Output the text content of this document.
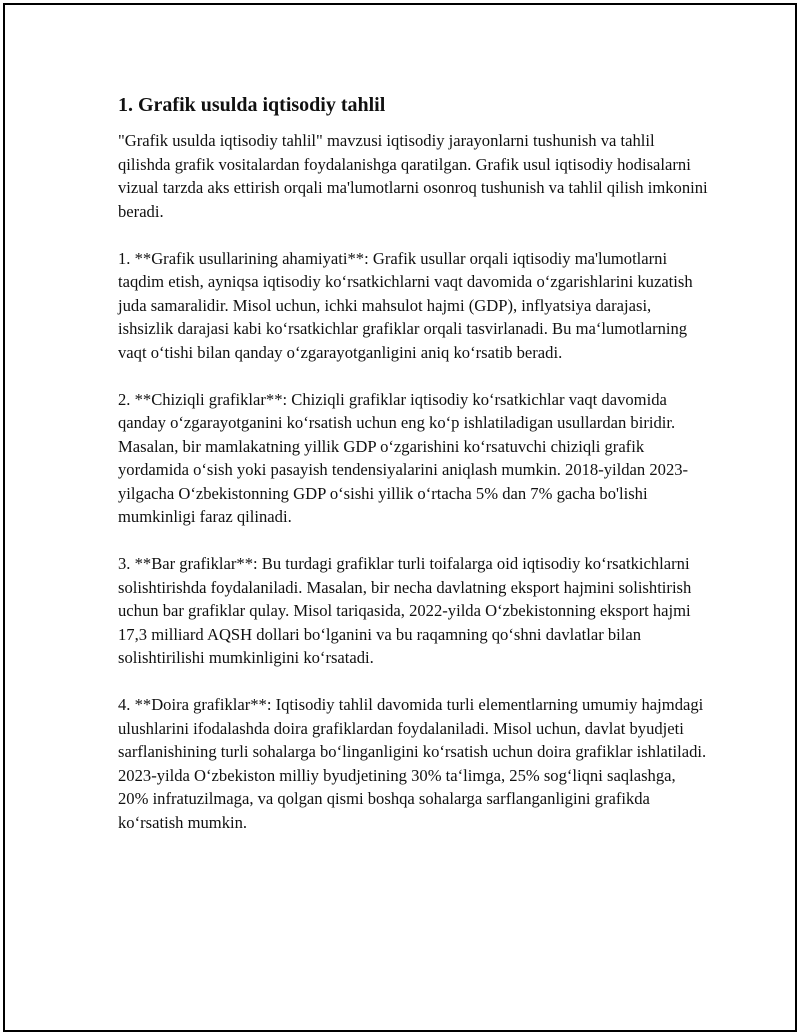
1. Grafik usulda iqtisodiy tahlil

"Grafik usulda iqtisodiy tahlil" mavzusi iqtisodiy jarayonlarni tushunish va tahlil qilishda grafik vositalardan foydalanishga qaratilgan. Grafik usul iqtisodiy hodisalarni vizual tarzda aks ettirish orqali ma'lumotlarni osonroq tushunish va tahlil qilish imkonini beradi.

1. **Grafik usullarining ahamiyati**: Grafik usullar orqali iqtisodiy ma'lumotlarni taqdim etish, ayniqsa iqtisodiy koʻrsatkichlarni vaqt davomida oʻzgarishlarini kuzatish juda samaralidir. Misol uchun, ichki mahsulot hajmi (GDP), inflyatsiya darajasi, ishsizlik darajasi kabi koʻrsatkichlar grafiklar orqali tasvirlanadi. Bu maʻlumotlarning vaqt oʻtishi bilan qanday oʻzgarayotganligini aniq koʻrsatib beradi.

2. **Chiziqli grafiklar**: Chiziqli grafiklar iqtisodiy koʻrsatkichlar vaqt davomida qanday oʻzgarayotganini koʻrsatish uchun eng koʻp ishlatiladigan usullardan biridir. Masalan, bir mamlakatning yillik GDP oʻzgarishini koʻrsatuvchi chiziqli grafik yordamida oʻsish yoki pasayish tendensiyalarini aniqlash mumkin. 2018-yildan 2023-yilgacha Oʻzbekistonning GDP oʻsishi yillik oʻrtacha 5% dan 7% gacha bo'lishi mumkinligi faraz qilinadi.

3. **Bar grafiklar**: Bu turdagi grafiklar turli toifalarga oid iqtisodiy koʻrsatkichlarni solishtirishda foydalaniladi. Masalan, bir necha davlatning eksport hajmini solishtirish uchun bar grafiklar qulay. Misol tariqasida, 2022-yilda Oʻzbekistonning eksport hajmi 17,3 milliard AQSH dollari boʻlganini va bu raqamning qoʻshni davlatlar bilan solishtirilishi mumkinligini koʻrsatadi.

4. **Doira grafiklar**: Iqtisodiy tahlil davomida turli elementlarning umumiy hajmdagi ulushlarini ifodalashda doira grafiklardan foydalaniladi. Misol uchun, davlat byudjeti sarflanishining turli sohalarga boʻlinganligini koʻrsatish uchun doira grafiklar ishlatiladi. 2023-yilda Oʻzbekiston milliy byudjetining 30% taʻlimga, 25% sogʻliqni saqlashga, 20% infratuzilmaga, va qolgan qismi boshqa sohalarga sarflanganligini grafikda koʻrsatish mumkin.
